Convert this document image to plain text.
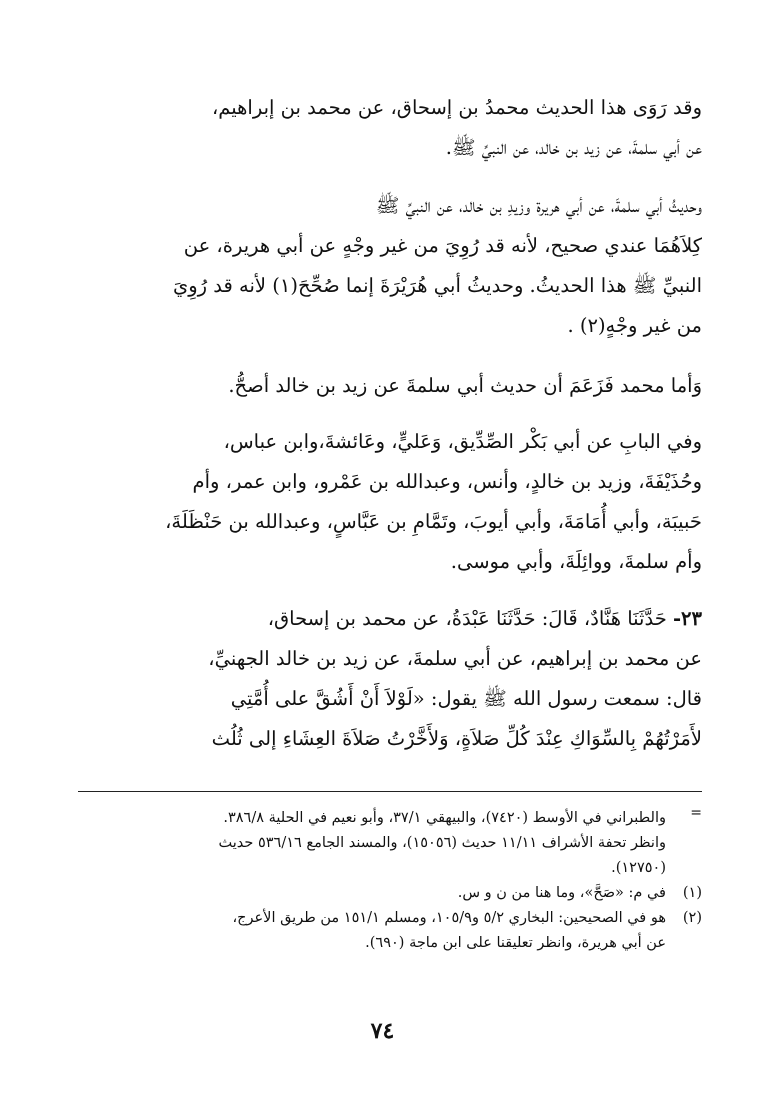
وقد رَوَى هذا الحديث محمدُ بن إسحاق، عن محمد بن إبراهيم،
عن أبي سلمةَ، عن زيد بن خالد، عن النبيِّ ﷺ.
وحديثُ أبي سلمةَ، عن أبي هريرة وزيدِ بن خالد، عن النبيِّ ﷺ
كِلاَهُمَا عندي صحيح، لأنه قد رُوِيَ من غير وجْهٍ عن أبي هريرة، عن
النبيِّ ﷺ هذا الحديثُ. وحديثُ أبي هُرَيْرَةَ إنما صُحِّحَ(١) لأنه قد رُوِيَ
من غير وجْهٍ(٢) .
وَأما محمد فَزَعَمَ أن حديث أبي سلمةَ عن زيد بن خالد أصحُّ.
وفي البابِ عن أبي بَكْر الصِّدِّيق، وَعَليٍّ، وعَائشةَ،وابن عباس،
وحُذَيْفَةَ، وزيد بن خالدٍ، وأنس، وعبدالله بن عَمْرو، وابن عمر، وأم
حَبيبَة، وأبي أُمَامَةَ، وأبي أيوبَ، وتَمَّامِ بن عَبَّاسٍ، وعبدالله بن حَنْظَلَةَ،
وأم سلمةَ، ووائِلَةَ، وأبي موسى.
٢٣- حَدَّثَنَا هَنَّادٌ، قَالَ: حَدَّثَنَا عَبْدَةُ، عن محمد بن إسحاق،
عن محمد بن إبراهيم، عن أبي سلمةَ، عن زيد بن خالد الجهنيِّ،
قال: سمعت رسول الله ﷺ يقول: «لَوْلاَ أَنْ أَشُقَّ على أُمَّتِي
لأَمَرْتُهُمْ بِالسِّوَاكِ عِنْدَ كُلِّ صَلاَةٍ، وَلأَخَّرْتُ صَلاَةَ العِشَاءِ إلى ثُلُث
=
والطبراني في الأوسط (٧٤٢٠)، والبيهقي ٣٧/١، وأبو نعيم في الحلية ٣٨٦/٨.
وانظر تحفة الأشراف ١١/١١ حديث (١٥٠٥٦)، والمسند الجامع ٥٣٦/١٦ حديث
(١٢٧٥٠).
(١)
في م: «صَحَّ»، وما هنا من ن و س.
(٢)
هو في الصحيحين: البخاري ٥/٢ و١٠٥/٩، ومسلم ١٥١/١ من طريق الأعرج،
عن أبي هريرة، وانظر تعليقنا على ابن ماجة (٦٩٠).
٧٤
